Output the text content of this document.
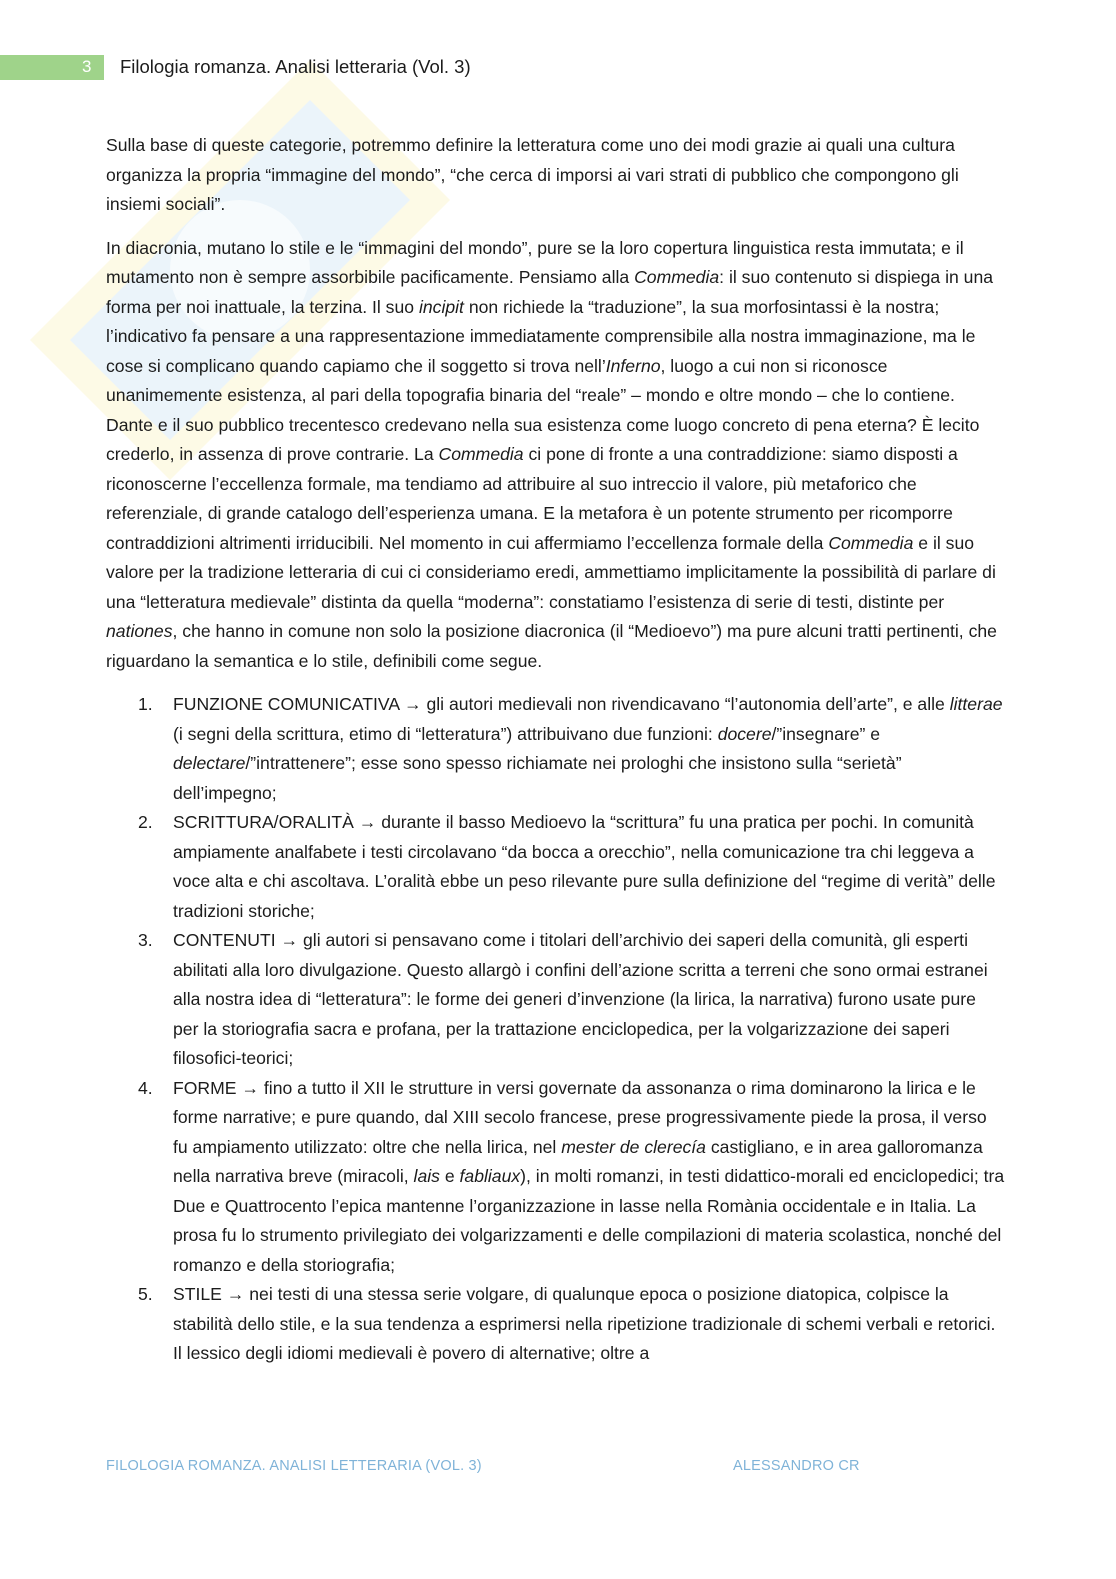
3 Filologia romanza. Analisi letteraria (Vol. 3)

Sulla base di queste categorie, potremmo definire la letteratura come uno dei modi grazie ai quali una cultura organizza la propria “immagine del mondo”, “che cerca di imporsi ai vari strati di pubblico che compongono gli insiemi sociali”.

In diacronia, mutano lo stile e le “immagini del mondo”, pure se la loro copertura linguistica resta immutata; e il mutamento non è sempre assorbibile pacificamente. Pensiamo alla Commedia: il suo contenuto si dispiega in una forma per noi inattuale, la terzina. Il suo incipit non richiede la “traduzione”, la sua morfosintassi è la nostra; l’indicativo fa pensare a una rappresentazione immediatamente comprensibile alla nostra immaginazione, ma le cose si complicano quando capiamo che il soggetto si trova nell’Inferno, luogo a cui non si riconosce unanimemente esistenza, al pari della topografia binaria del “reale” – mondo e oltre mondo – che lo contiene. Dante e il suo pubblico trecentesco credevano nella sua esistenza come luogo concreto di pena eterna? È lecito crederlo, in assenza di prove contrarie. La Commedia ci pone di fronte a una contraddizione: siamo disposti a riconoscerne l’eccellenza formale, ma tendiamo ad attribuire al suo intreccio il valore, più metaforico che referenziale, di grande catalogo dell’esperienza umana. E la metafora è un potente strumento per ricomporre contraddizioni altrimenti irriducibili. Nel momento in cui affermiamo l’eccellenza formale della Commedia e il suo valore per la tradizione letteraria di cui ci consideriamo eredi, ammettiamo implicitamente la possibilità di parlare di una “letteratura medievale” distinta da quella “moderna”: constatiamo l’esistenza di serie di testi, distinte per nationes, che hanno in comune non solo la posizione diacronica (il “Medioevo”) ma pure alcuni tratti pertinenti, che riguardano la semantica e lo stile, definibili come segue.

1. FUNZIONE COMUNICATIVA → gli autori medievali non rivendicavano “l’autonomia dell’arte”, e alle litterae (i segni della scrittura, etimo di “letteratura”) attribuivano due funzioni: docere/”insegnare” e delectare/”intrattenere”; esse sono spesso richiamate nei prologhi che insistono sulla “serietà” dell’impegno;
2. SCRITTURA/ORALITÀ → durante il basso Medioevo la “scrittura” fu una pratica per pochi. In comunità ampiamente analfabete i testi circolavano “da bocca a orecchio”, nella comunicazione tra chi leggeva a voce alta e chi ascoltava. L’oralità ebbe un peso rilevante pure sulla definizione del “regime di verità” delle tradizioni storiche;
3. CONTENUTI → gli autori si pensavano come i titolari dell’archivio dei saperi della comunità, gli esperti abilitati alla loro divulgazione. Questo allargò i confini dell’azione scritta a terreni che sono ormai estranei alla nostra idea di “letteratura”: le forme dei generi d’invenzione (la lirica, la narrativa) furono usate pure per la storiografia sacra e profana, per la trattazione enciclopedica, per la volgarizzazione dei saperi filosofici-teorici;
4. FORME → fino a tutto il XII le strutture in versi governate da assonanza o rima dominarono la lirica e le forme narrative; e pure quando, dal XIII secolo francese, prese progressivamente piede la prosa, il verso fu ampiamento utilizzato: oltre che nella lirica, nel mester de clerecía castigliano, e in area galloromanza nella narrativa breve (miracoli, lais e fabliaux), in molti romanzi, in testi didattico-morali ed enciclopedici; tra Due e Quattrocento l’epica mantenne l’organizzazione in lasse nella Romània occidentale e in Italia. La prosa fu lo strumento privilegiato dei volgarizzamenti e delle compilazioni di materia scolastica, nonché del romanzo e della storiografia;
5. STILE → nei testi di una stessa serie volgare, di qualunque epoca o posizione diatopica, colpisce la stabilità dello stile, e la sua tendenza a esprimersi nella ripetizione tradizionale di schemi verbali e retorici. Il lessico degli idiomi medievali è povero di alternative; oltre a
FILOLOGIA ROMANZA. ANALISI LETTERARIA (VOL. 3)	ALESSANDRO CR
